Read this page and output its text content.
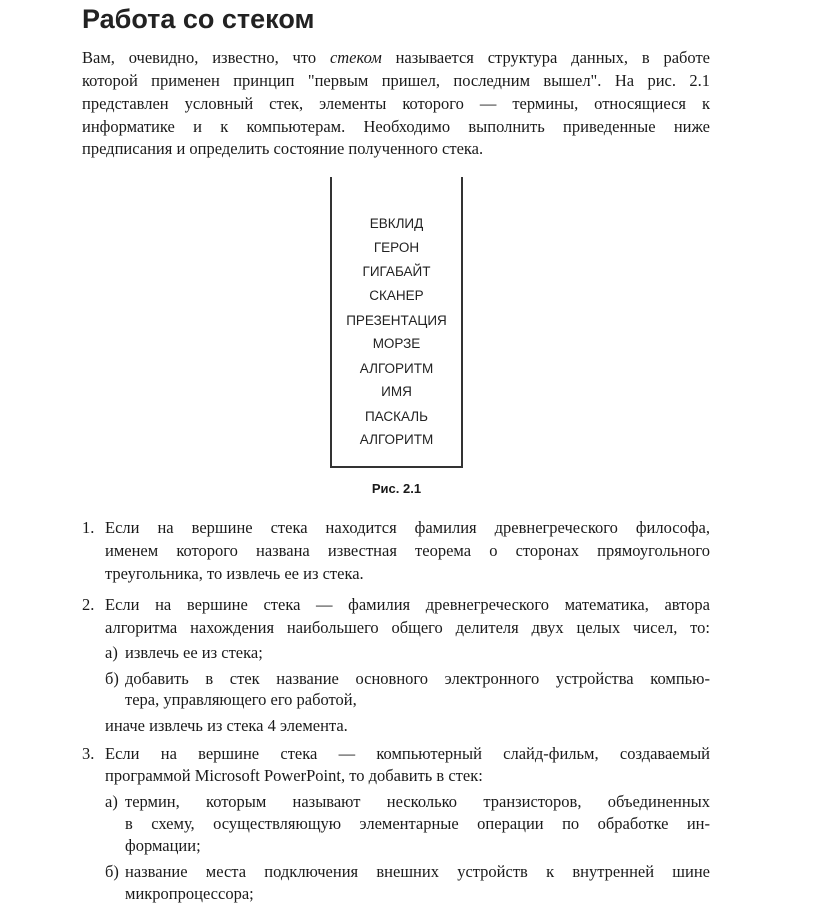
Работа со стеком
Вам, очевидно, известно, что стеком называется структура данных, в работе
которой применен принцип "первым пришел, последним вышел". На рис. 2.1
представлен условный стек, элементы которого — термины, относящиеся к
информатике и к компьютерам. Необходимо выполнить приведенные ниже
предписания и определить состояние полученного стека.
ЕВКЛИД
ГЕРОН
ГИГАБАЙТ
СКАНЕР
ПРЕЗЕНТАЦИЯ
МОРЗЕ
АЛГОРИТМ
ИМЯ
ПАСКАЛЬ
АЛГОРИТМ
Рис. 2.1
1. Если на вершине стека находится фамилия древнегреческого философа,
именем которого названа известная теорема о сторонах прямоугольного
треугольника, то извлечь ее из стека.
2. Если на вершине стека — фамилия древнегреческого математика, автора
алгоритма нахождения наибольшего общего делителя двух целых чисел, то:
а) извлечь ее из стека;
б) добавить в стек название основного электронного устройства компью-
тера, управляющего его работой,
иначе извлечь из стека 4 элемента.
3. Если на вершине стека — компьютерный слайд-фильм, создаваемый
программой Microsoft PowerPoint, то добавить в стек:
а) термин, которым называют несколько транзисторов, объединенных
в схему, осуществляющую элементарные операции по обработке ин-
формации;
б) название места подключения внешних устройств к внутренней шине
микропроцессора;
